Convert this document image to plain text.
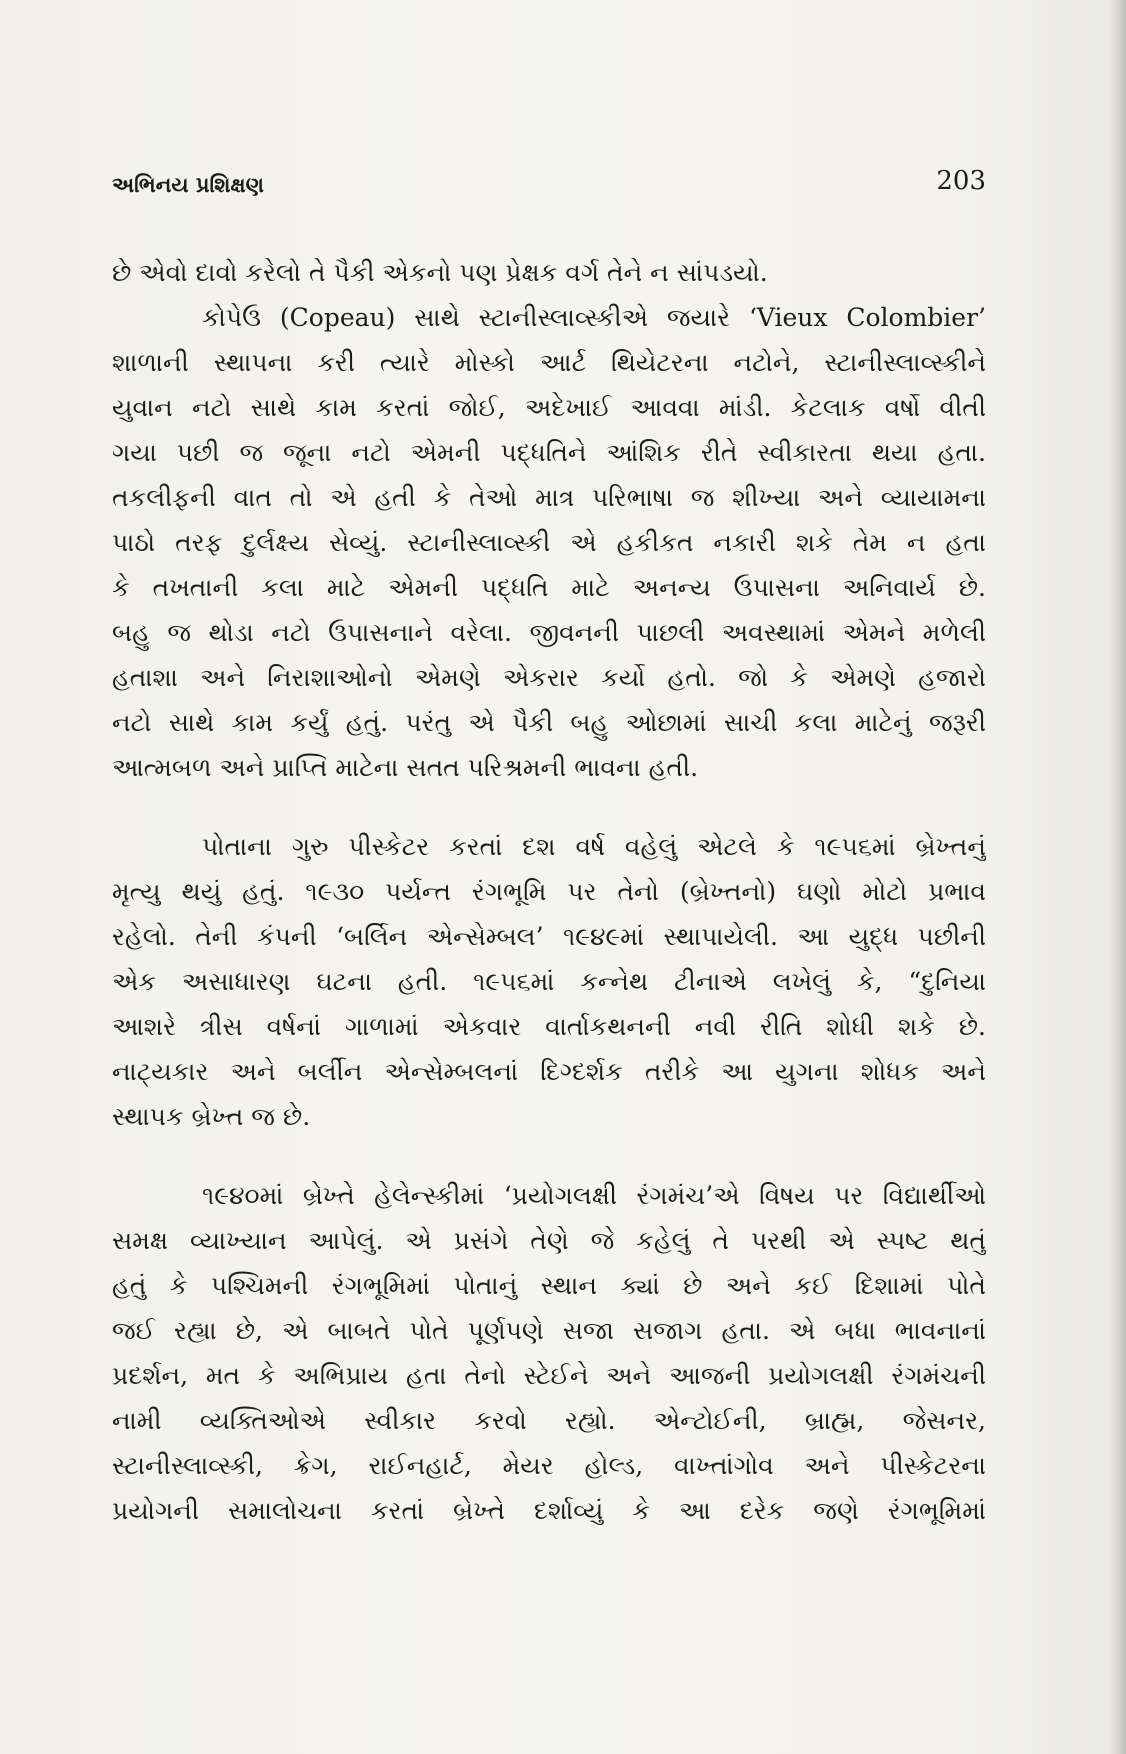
અભિનય પ્રશિક્ષણ	203
છે એવો દાવો કરેલો તે પૈકી એકનો પણ પ્રેક્ષક વર્ગ તેને ન સાંપડયો.
કોપેઉ (Copeau) સાથે સ્ટાનીસ્લાવ્સ્કીએ જયારે ‘Vieux Colombier’
શાળાની સ્થાપના કરી ત્યારે મોસ્કો આર્ટ થિયેટરના નટોને, સ્ટાનીસ્લાવ્સ્કીને
યુવાન નટો સાથે કામ કરતાં જોઈ, અદેખાઈ આવવા માંડી. કેટલાક વર્ષો વીતી
ગયા પછી જ જૂના નટો એમની પદ્ધતિને આંશિક રીતે સ્વીકારતા થયા હતા.
તકલીફની વાત તો એ હતી કે તેઓ માત્ર પરિભાષા જ શીખ્યા અને વ્યાયામના
પાઠો તરફ દુર્લક્ષ્ય સેવ્યું. સ્ટાનીસ્લાવ્સ્કી એ હકીકત નકારી શકે તેમ ન હતા
કે તખતાની કલા માટે એમની પદ્ધતિ માટે અનન્ય ઉપાસના અનિવાર્ય છે.
બહુ જ થોડા નટો ઉપાસનાને વરેલા. જીવનની પાછલી અવસ્થામાં એમને મળેલી
હતાશા અને નિરાશાઓનો એમણે એકરાર કર્યો હતો. જો કે એમણે હજારો
નટો સાથે કામ કર્યું હતું. પરંતુ એ પૈકી બહુ ઓછામાં સાચી કલા માટેનું જરૂરી
આત્મબળ અને પ્રાપ્તિ માટેના સતત પરિશ્રમની ભાવના હતી.
પોતાના ગુરુ પીસ્કેટર કરતાં દશ વર્ષ વહેલું એટલે કે ૧૯૫૬માં બ્રેખ્તનું
મૃત્યુ થયું હતું. ૧૯૩૦ પર્યન્ત રંગભૂમિ પર તેનો (બ્રેખ્તનો) ઘણો મોટો પ્રભાવ
રહેલો. તેની કંપની ‘બર્લિન એન્સેમ્બલ’ ૧૯૪૯માં સ્થાપાયેલી. આ યુદ્ધ પછીની
એક અસાધારણ ઘટના હતી. ૧૯૫૬માં કન્નેથ ટીનાએ લખેલું કે, “દુનિયા
આશરે ત્રીસ વર્ષનાં ગાળામાં એકવાર વાર્તાકથનની નવી રીતિ શોધી શકે છે.
નાટ્યકાર અને બર્લીન એન્સેમ્બલનાં દિગ્દર્શક તરીકે આ યુગના શોધક અને
સ્થાપક બ્રેખ્ત જ છે.
૧૯૪૦માં બ્રેખ્તે હેલેન્સ્કીમાં ‘પ્રયોગલક્ષી રંગમંચ’એ વિષય પર વિદ્યાર્થીઓ
સમક્ષ વ્યાખ્યાન આપેલું. એ પ્રસંગે તેણે જે કહેલું તે પરથી એ સ્પષ્ટ થતું
હતું કે પશ્ચિમની રંગભૂમિમાં પોતાનું સ્થાન ક્યાં છે અને કઈ દિશામાં પોતે
જઈ રહ્યા છે, એ બાબતે પોતે પૂર્ણપણે સજા સજાગ હતા. એ બધા ભાવનાનાં
પ્રદર્શન, મત કે અભિપ્રાય હતા તેનો સ્ટેઈને અને આજની પ્રયોગલક્ષી રંગમંચની
નામી વ્યક્તિઓએ સ્વીકાર કરવો રહ્યો. એન્ટોઈની, બ્રાહ્મ, જેસનર,
સ્ટાનીસ્લાવ્સ્કી, ક્રેગ, રાઈનહાર્ટ, મેયર હોલ્ડ, વાખ્તાંગોવ અને પીસ્કેટરના
પ્રયોગની સમાલોચના કરતાં બ્રેખ્તે દર્શાવ્યું કે આ દરેક જણે રંગભૂમિમાં
